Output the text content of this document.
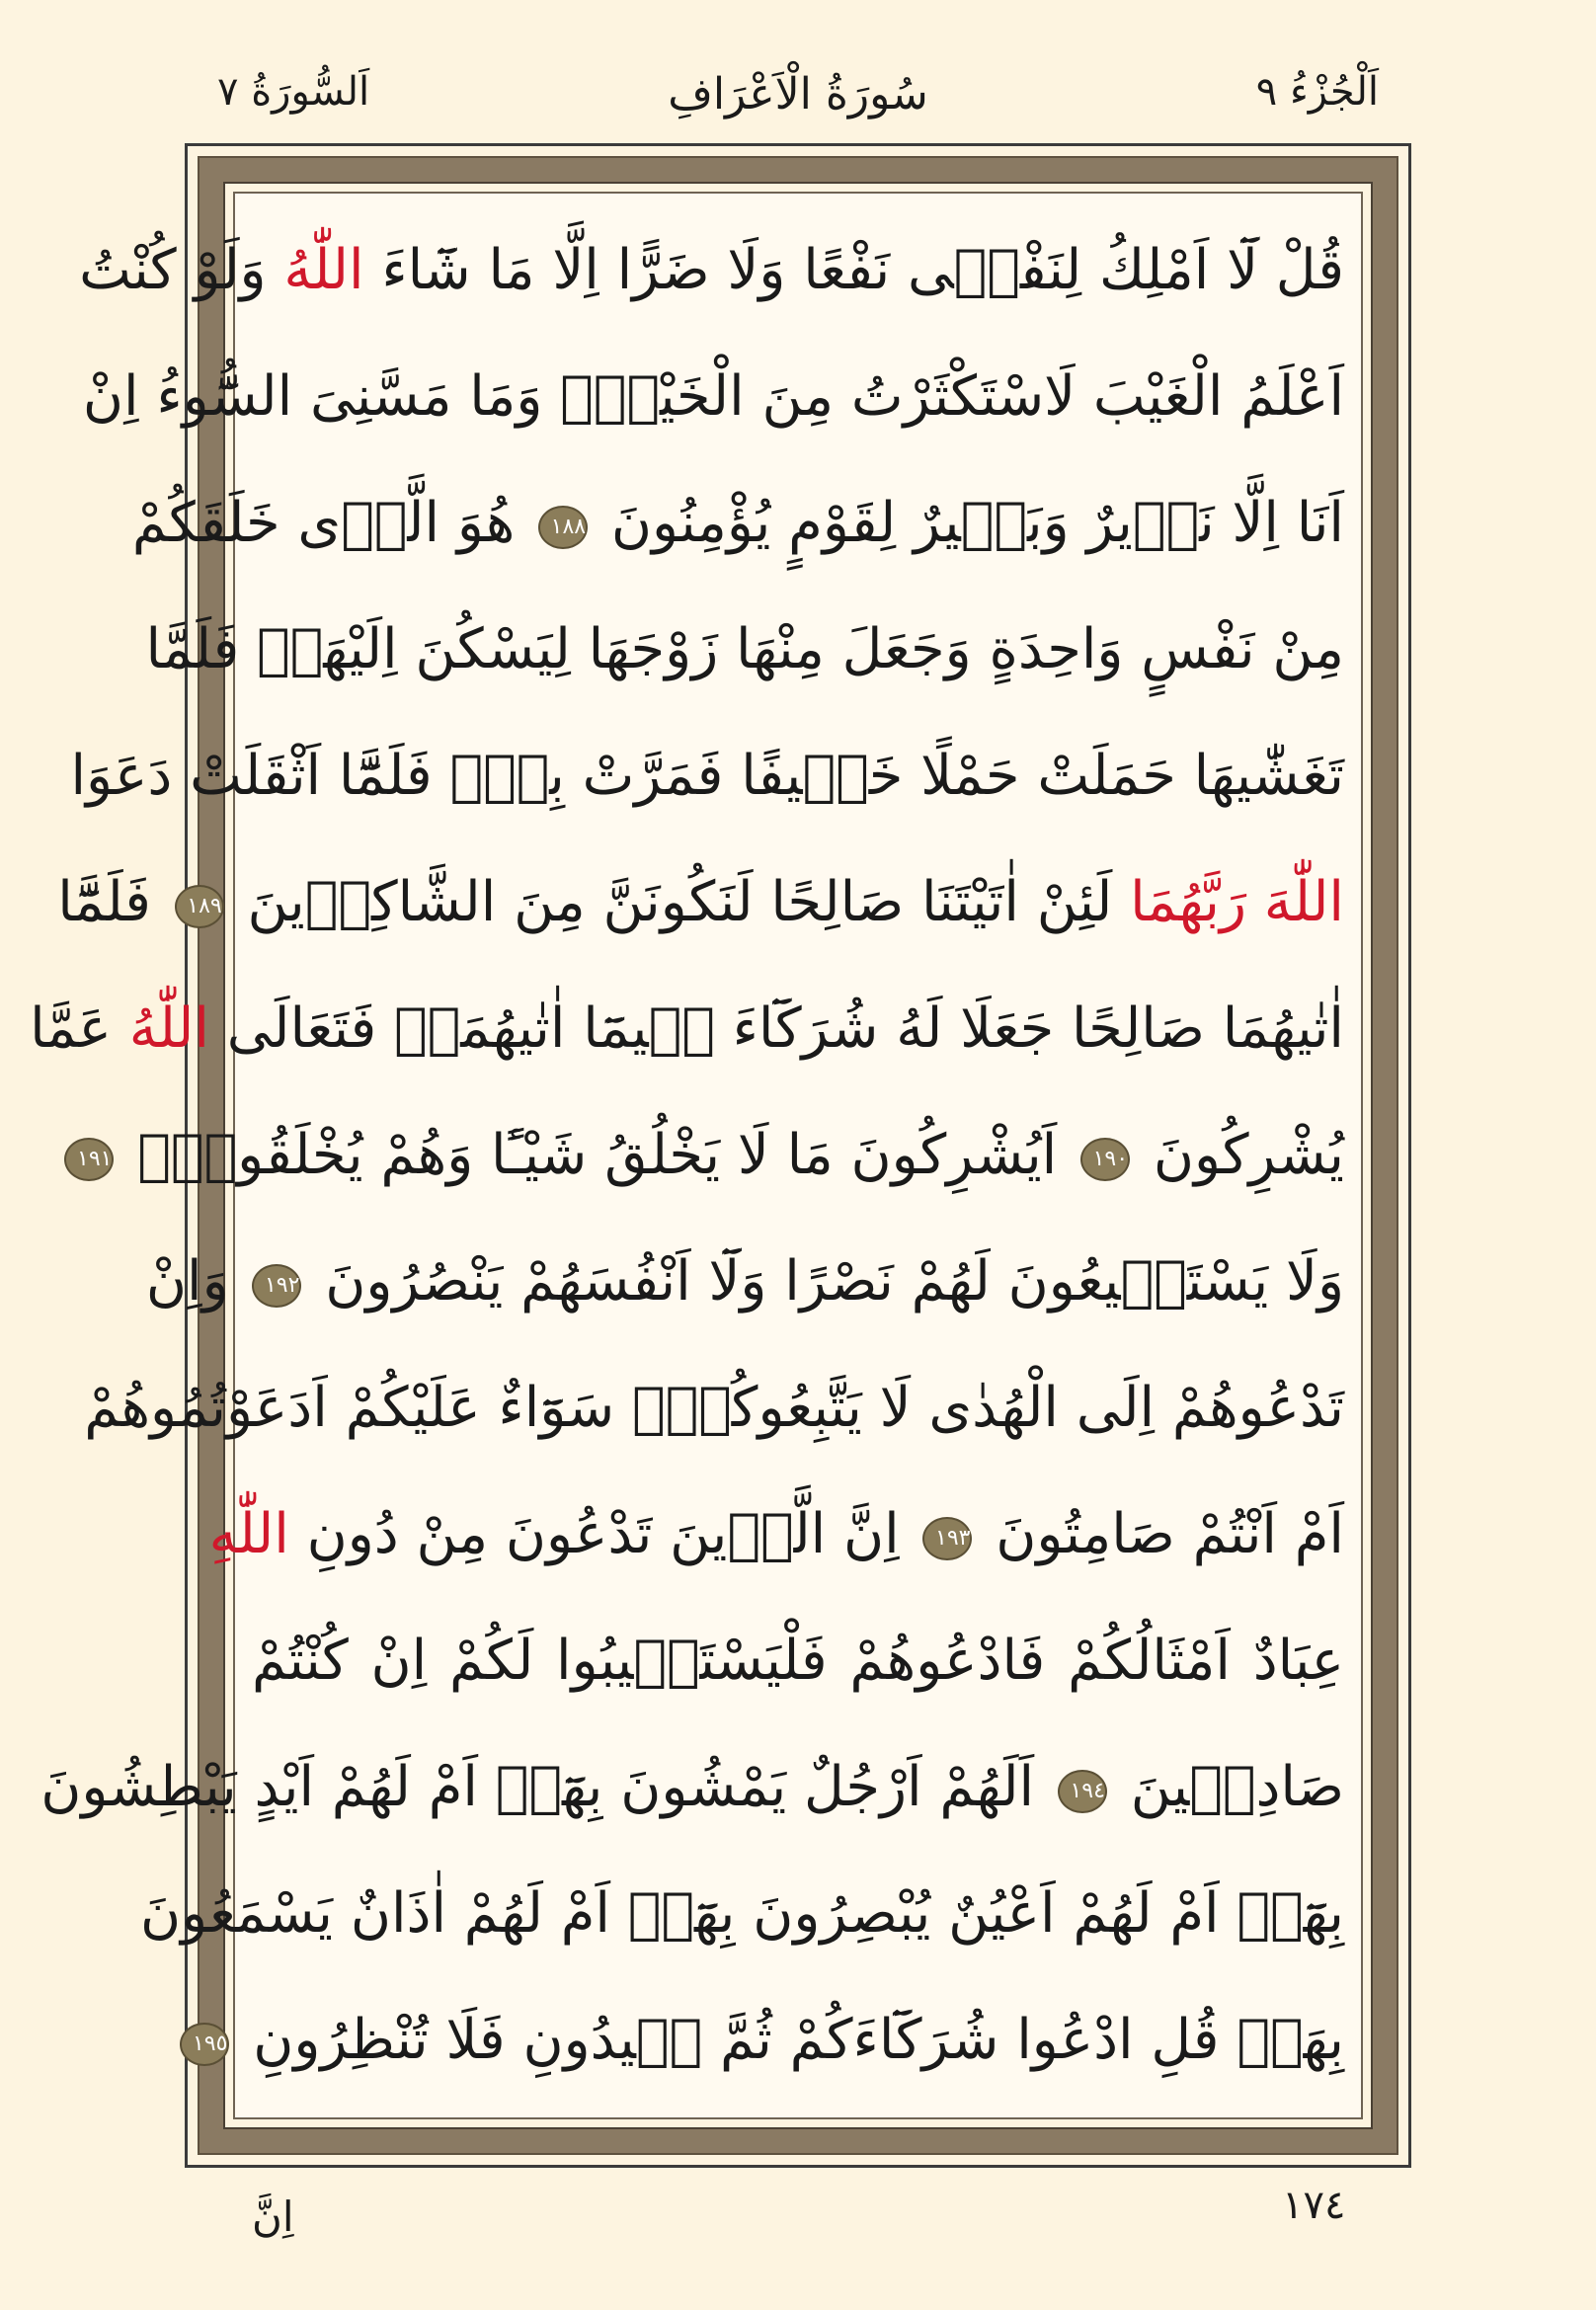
اَلْجُزْءُ ٩
سُورَةُ الْاَعْرَافِ
اَلسُّورَةُ ٧
قُلْ لَٓا اَمْلِكُ لِنَفْسٖى نَفْعًا وَلَا ضَرًّا اِلَّا مَا شَٓاءَ اللّٰهُ وَلَوْ كُنْتُ
اَعْلَمُ الْغَيْبَ لَاسْتَكْثَرْتُ مِنَ الْخَيْرِۚ وَمَا مَسَّنِىَ السُّٓوءُ اِنْ
اَنَا اِلَّا نَذٖيرٌ وَبَشٖيرٌ لِقَوْمٍ يُؤْمِنُونَ ١٨٨ هُوَ الَّذٖى خَلَقَكُمْ
مِنْ نَفْسٍ وَاحِدَةٍ وَجَعَلَ مِنْهَا زَوْجَهَا لِيَسْكُنَ اِلَيْهَاۚ فَلَمَّا
تَغَشّٰيهَا حَمَلَتْ حَمْلًا خَفٖيفًا فَمَرَّتْ بِهٖۚ فَلَمَّٓا اَثْقَلَتْ دَعَوَا
اللّٰهَ رَبَّهُمَا لَئِنْ اٰتَيْتَنَا صَالِحًا لَنَكُونَنَّ مِنَ الشَّاكِرٖينَ ١٨٩ فَلَمَّٓا
اٰتٰيهُمَا صَالِحًا جَعَلَا لَهُ شُرَكَٓاءَ فٖيمَٓا اٰتٰيهُمَاۚ فَتَعَالَى اللّٰهُ عَمَّا
يُشْرِكُونَ ١٩٠ اَيُشْرِكُونَ مَا لَا يَخْلُقُ شَيْـًٔا وَهُمْ يُخْلَقُونَۘ ١٩١
وَلَا يَسْتَطٖيعُونَ لَهُمْ نَصْرًا وَلَٓا اَنْفُسَهُمْ يَنْصُرُونَ ١٩٢ وَاِنْ
تَدْعُوهُمْ اِلَى الْهُدٰى لَا يَتَّبِعُوكُمْۜ سَوَٓاءٌ عَلَيْكُمْ اَدَعَوْتُمُوهُمْ
اَمْ اَنْتُمْ صَامِتُونَ ١٩٣ اِنَّ الَّذٖينَ تَدْعُونَ مِنْ دُونِ اللّٰهِ
عِبَادٌ اَمْثَالُكُمْ فَادْعُوهُمْ فَلْيَسْتَجٖيبُوا لَكُمْ اِنْ كُنْتُمْ
صَادِقٖينَ ١٩٤ اَلَهُمْ اَرْجُلٌ يَمْشُونَ بِهَٓاۘ اَمْ لَهُمْ اَيْدٍ يَبْطِشُونَ
بِهَٓاۘ اَمْ لَهُمْ اَعْيُنٌ يُبْصِرُونَ بِهَٓاۘ اَمْ لَهُمْ اٰذَانٌ يَسْمَعُونَ
بِهَاۜ قُلِ ادْعُوا شُرَكَٓاءَكُمْ ثُمَّ كٖيدُونِ فَلَا تُنْظِرُونِ ١٩٥
١٧٤
اِنَّ
